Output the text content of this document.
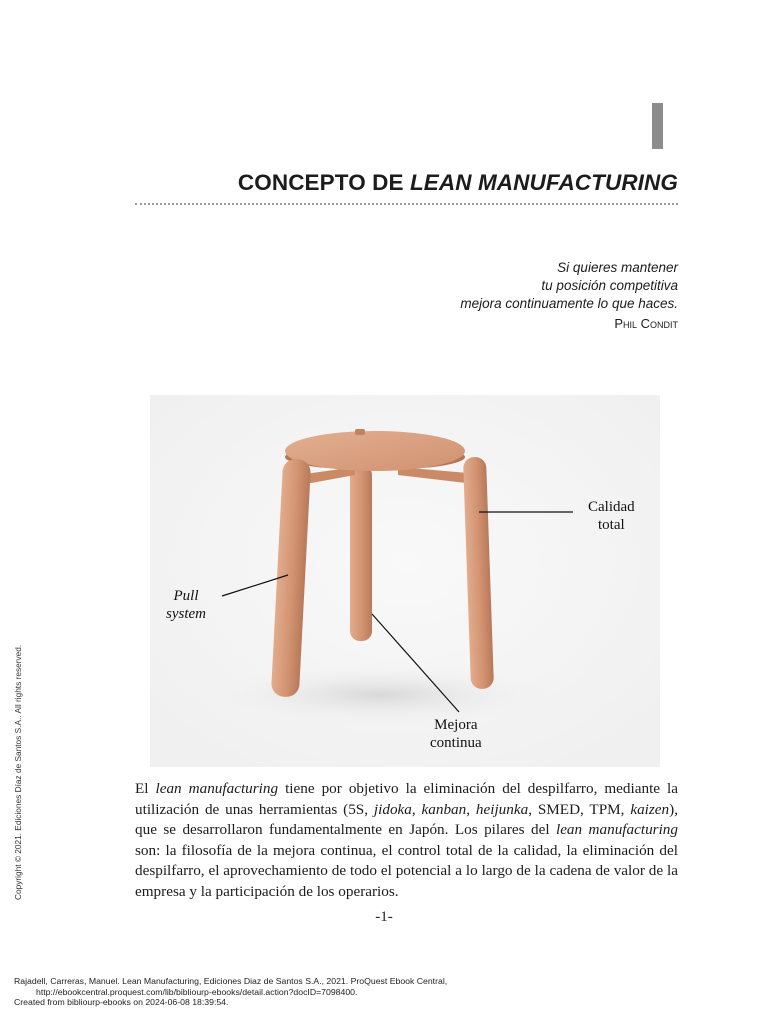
CONCEPTO DE LEAN MANUFACTURING
Si quieres mantener
tu posición competitiva
mejora continuamente lo que haces.
Phil Condit
Calidad
total
Pull
system
Mejora
continua

El lean manufacturing tiene por objetivo la eliminación del despilfarro, mediante la utilización de unas herramientas (5S, jidoka, kanban, heijunka, SMED, TPM, kaizen), que se desarrollaron fundamentalmente en Japón. Los pilares del lean manufacturing son: la filosofía de la mejora continua, el control total de la calidad, la eliminación del despilfarro, el aprovechamiento de todo el potencial a lo largo de la cadena de valor de la empresa y la participación de los operarios.

-1-
Copyright © 2021. Ediciones Díaz de Santos S.A.. All rights reserved.
Rajadell, Carreras, Manuel. Lean Manufacturing, Ediciones Diaz de Santos S.A., 2021. ProQuest Ebook Central,
http://ebookcentral.proquest.com/lib/bibliourp-ebooks/detail.action?docID=7098400.
Created from bibliourp-ebooks on 2024-06-08 18:39:54.
